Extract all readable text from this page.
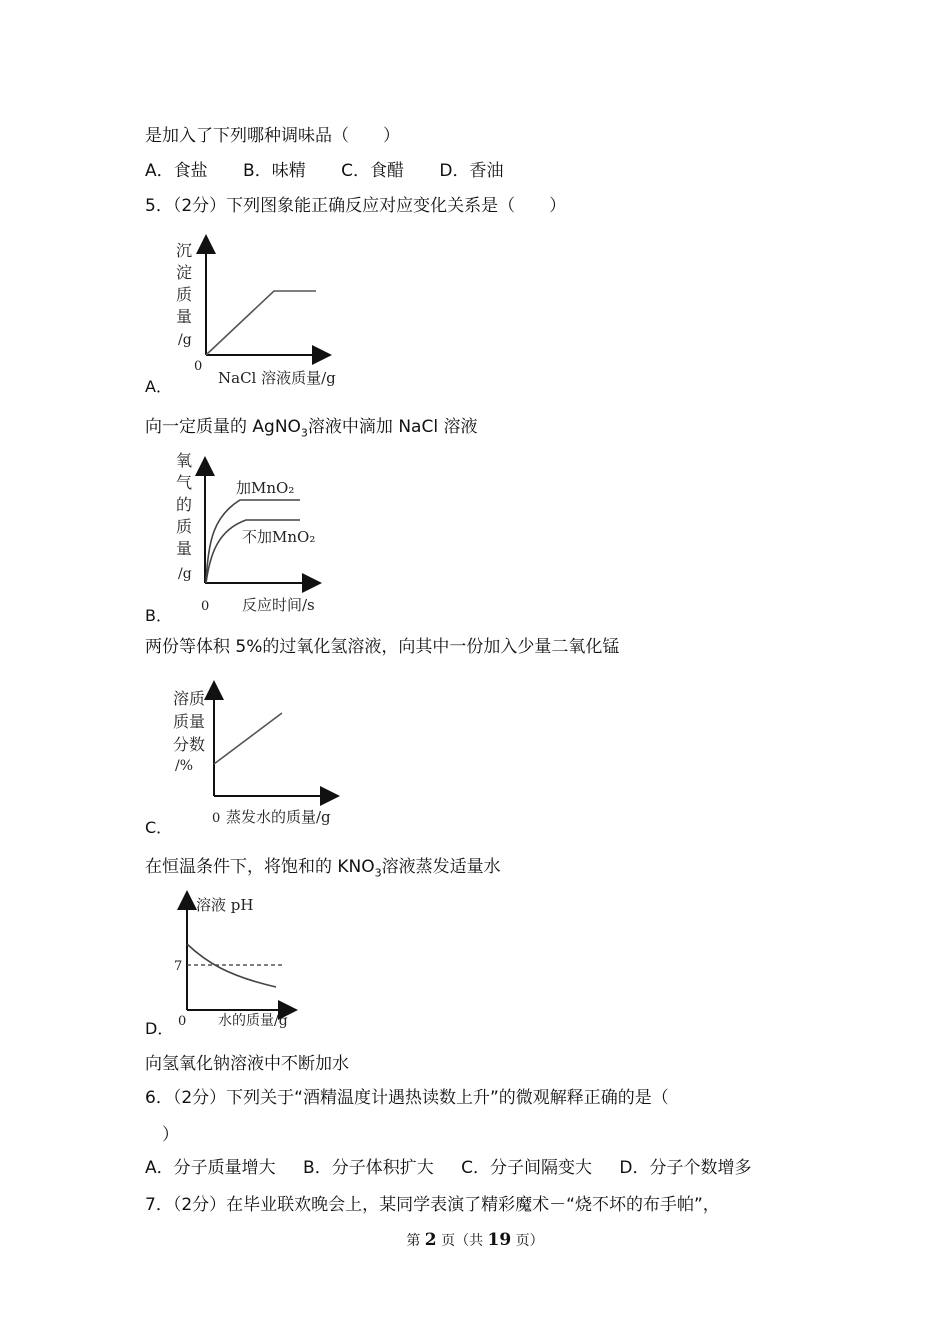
是加入了下列哪种调味品（　　）
A．食盐 B．味精 C．食醋 D．香油
5．（2分）下列图象能正确反应对应变化关系是（　　）
沉
淀
质
量
/g
0
NaCl 溶液质量/g
A．
向一定质量的 AgNO$_3$溶液中滴加 NaCl 溶液
氧
气
的
质
量
/g
加MnO₂
不加MnO₂
0 反应时间/s
B．
两份等体积 5%的过氧化氢溶液，向其中一份加入少量二氧化锰
溶质
质量
分数
/%
0 蒸发水的质量/g
C．
在恒温条件下，将饱和的 $KNO_3$溶液蒸发适量水
溶液 pH
7
0 水的质量/g
D．
向氢氧化钠溶液中不断加水
6．（2分）下列关于“酒精温度计遇热读数上升”的微观解释正确的是（
）
A．分子质量增大 B．分子体积扩大 C．分子间隔变大 D．分子个数增多
7．（2分）在毕业联欢晚会上，某同学表演了精彩魔术－“烧不坏的布手帕”，
第 2 页（共 19 页）
